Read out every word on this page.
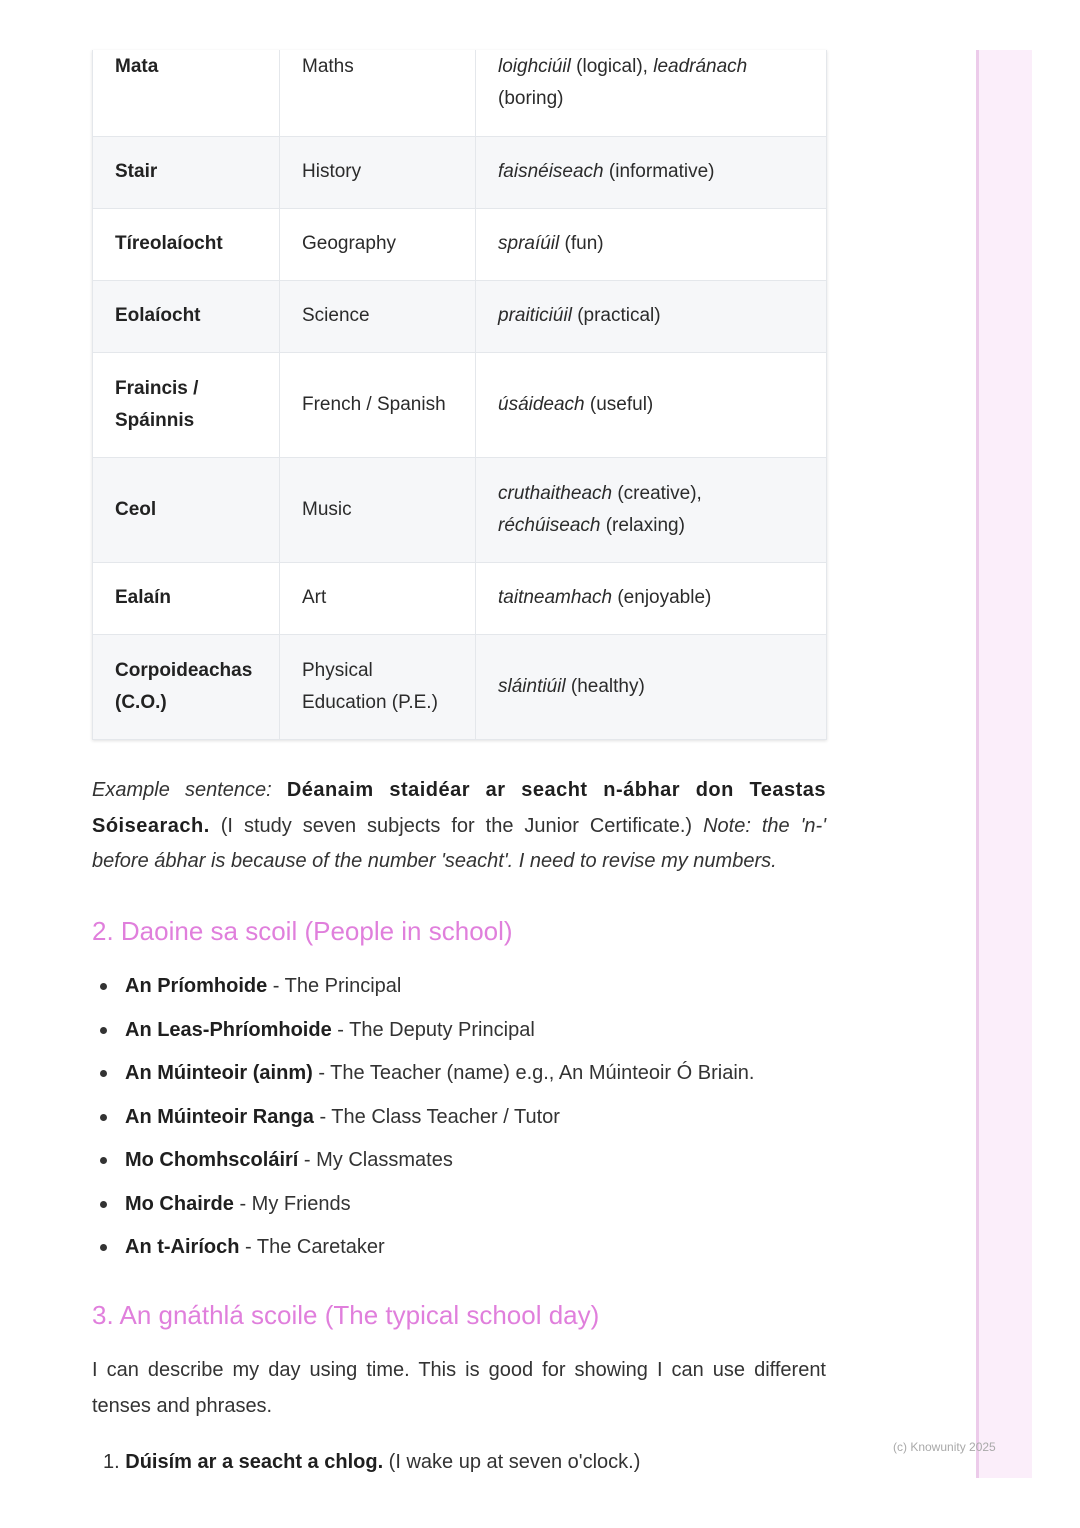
Mata	Maths	loighciúil (logical), leadránach (boring)
Stair	History	faisnéiseach (informative)
Tíreolaíocht	Geography	spraíúil (fun)
Eolaíocht	Science	praiticiúil (practical)
Fraincis / Spáinnis	French / Spanish	úsáideach (useful)
Ceol	Music	cruthaitheach (creative), réchúiseach (relaxing)
Ealaín	Art	taitneamhach (enjoyable)
Corpoideachas (C.O.)	Physical Education (P.E.)	sláintiúil (healthy)

Example sentence: Déanaim staidéar ar seacht n-ábhar don Teastas Sóisearach. (I study seven subjects for the Junior Certificate.) Note: the 'n-' before ábhar is because of the number 'seacht'. I need to revise my numbers.

2. Daoine sa scoil (People in school)
An Príomhoide - The Principal
An Leas-Phríomhoide - The Deputy Principal
An Múinteoir (ainm) - The Teacher (name) e.g., An Múinteoir Ó Briain.
An Múinteoir Ranga - The Class Teacher / Tutor
Mo Chomhscoláirí - My Classmates
Mo Chairde - My Friends
An t-Airíoch - The Caretaker
3. An gnáthlá scoile (The typical school day)

I can describe my day using time. This is good for showing I can use different tenses and phrases.

1. Dúisím ar a seacht a chlog. (I wake up at seven o'clock.)
(c) Knowunity 2025
